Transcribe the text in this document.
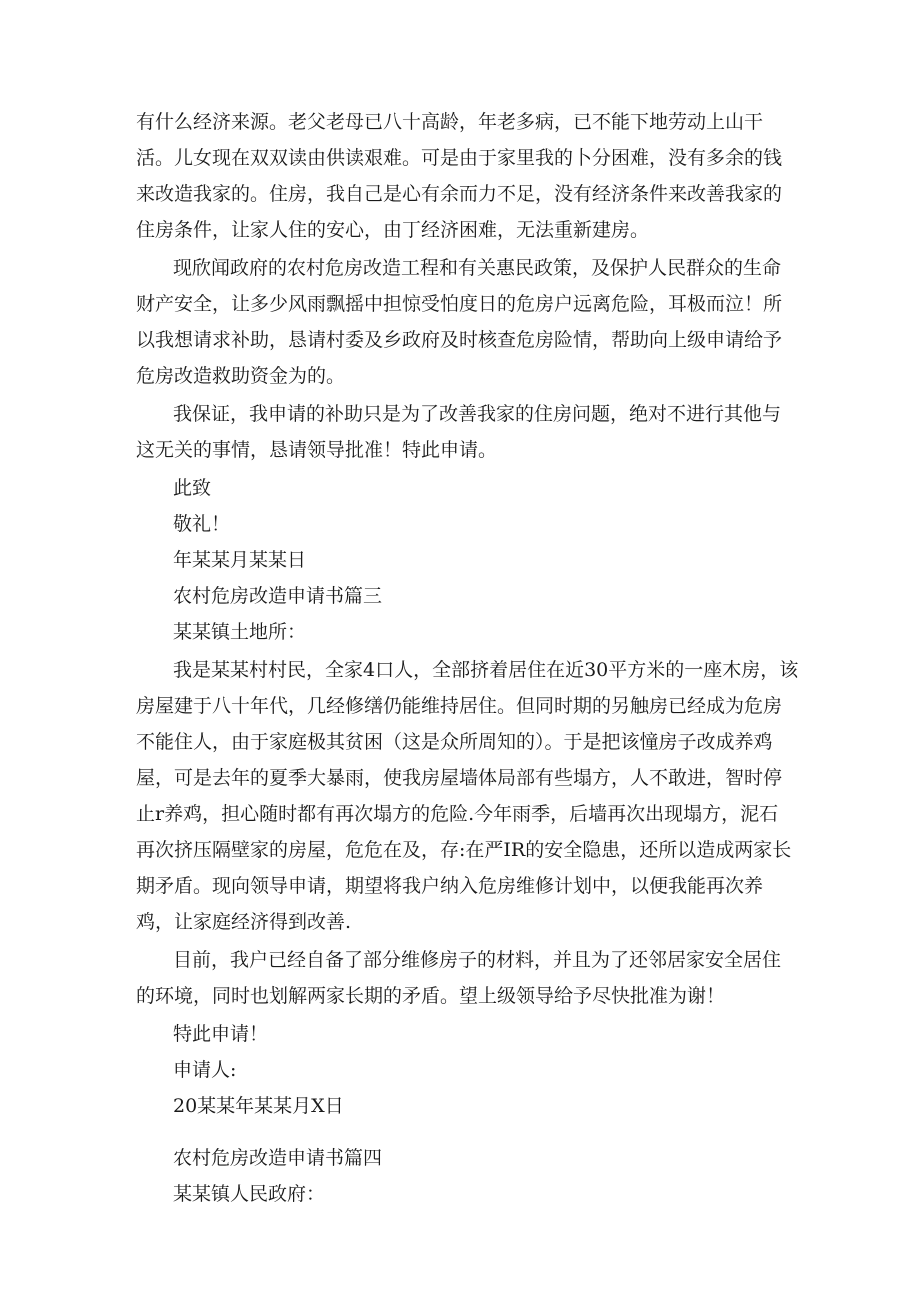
有什么经济来源。老父老母已八十高龄，年老多病，已不能下地劳动上山干
活。儿女现在双双读由供读艰难。可是由于家里我的卜分困难，没有多余的钱
来改造我家的。住房，我自己是心有余而力不足，没有经济条件来改善我家的
住房条件，让家人住的安心，由丁经济困难，无法重新建房。
现欣闻政府的农村危房改造工程和有关惠民政策，及保护人民群众的生命
财产安全，让多少风雨飘摇中担惊受怕度日的危房户远离危险，耳极而泣！所
以我想请求补助，恳请村委及乡政府及时核查危房险情，帮助向上级申请给予
危房改造救助资金为的。
我保证，我申请的补助只是为了改善我家的住房问题，绝对不进行其他与
这无关的事情，恳请领导批准！特此申请。
此致
敬礼！
年某某月某某日
农村危房改造申请书篇三
某某镇土地所：
我是某某村村民，全家4口人，全部挤着居住在近30平方米的一座木房，该
房屋建于八十年代，几经修缮仍能维持居住。但同时期的另触房已经成为危房
不能住人，由于家庭极其贫困（这是众所周知的）。于是把该憧房子改成养鸡
屋，可是去年的夏季大暴雨，使我房屋墙体局部有些塌方，人不敢进，智时停
止r养鸡，担心随时都有再次塌方的危险.今年雨季，后墙再次出现塌方，泥石
再次挤压隔壁家的房屋，危危在及，存:在严IR的安全隐患，还所以造成两家长
期矛盾。现向领导申请，期望将我户纳入危房维修计划中，以便我能再次养
鸡，让家庭经济得到改善.
目前，我户已经自备了部分维修房子的材料，并且为了还邻居家安全居住
的环境，同时也划解两家长期的矛盾。望上级领导给予尽快批准为谢！
特此申请！
申请人:
20某某年某某月X日
农村危房改造申请书篇四
某某镇人民政府：
